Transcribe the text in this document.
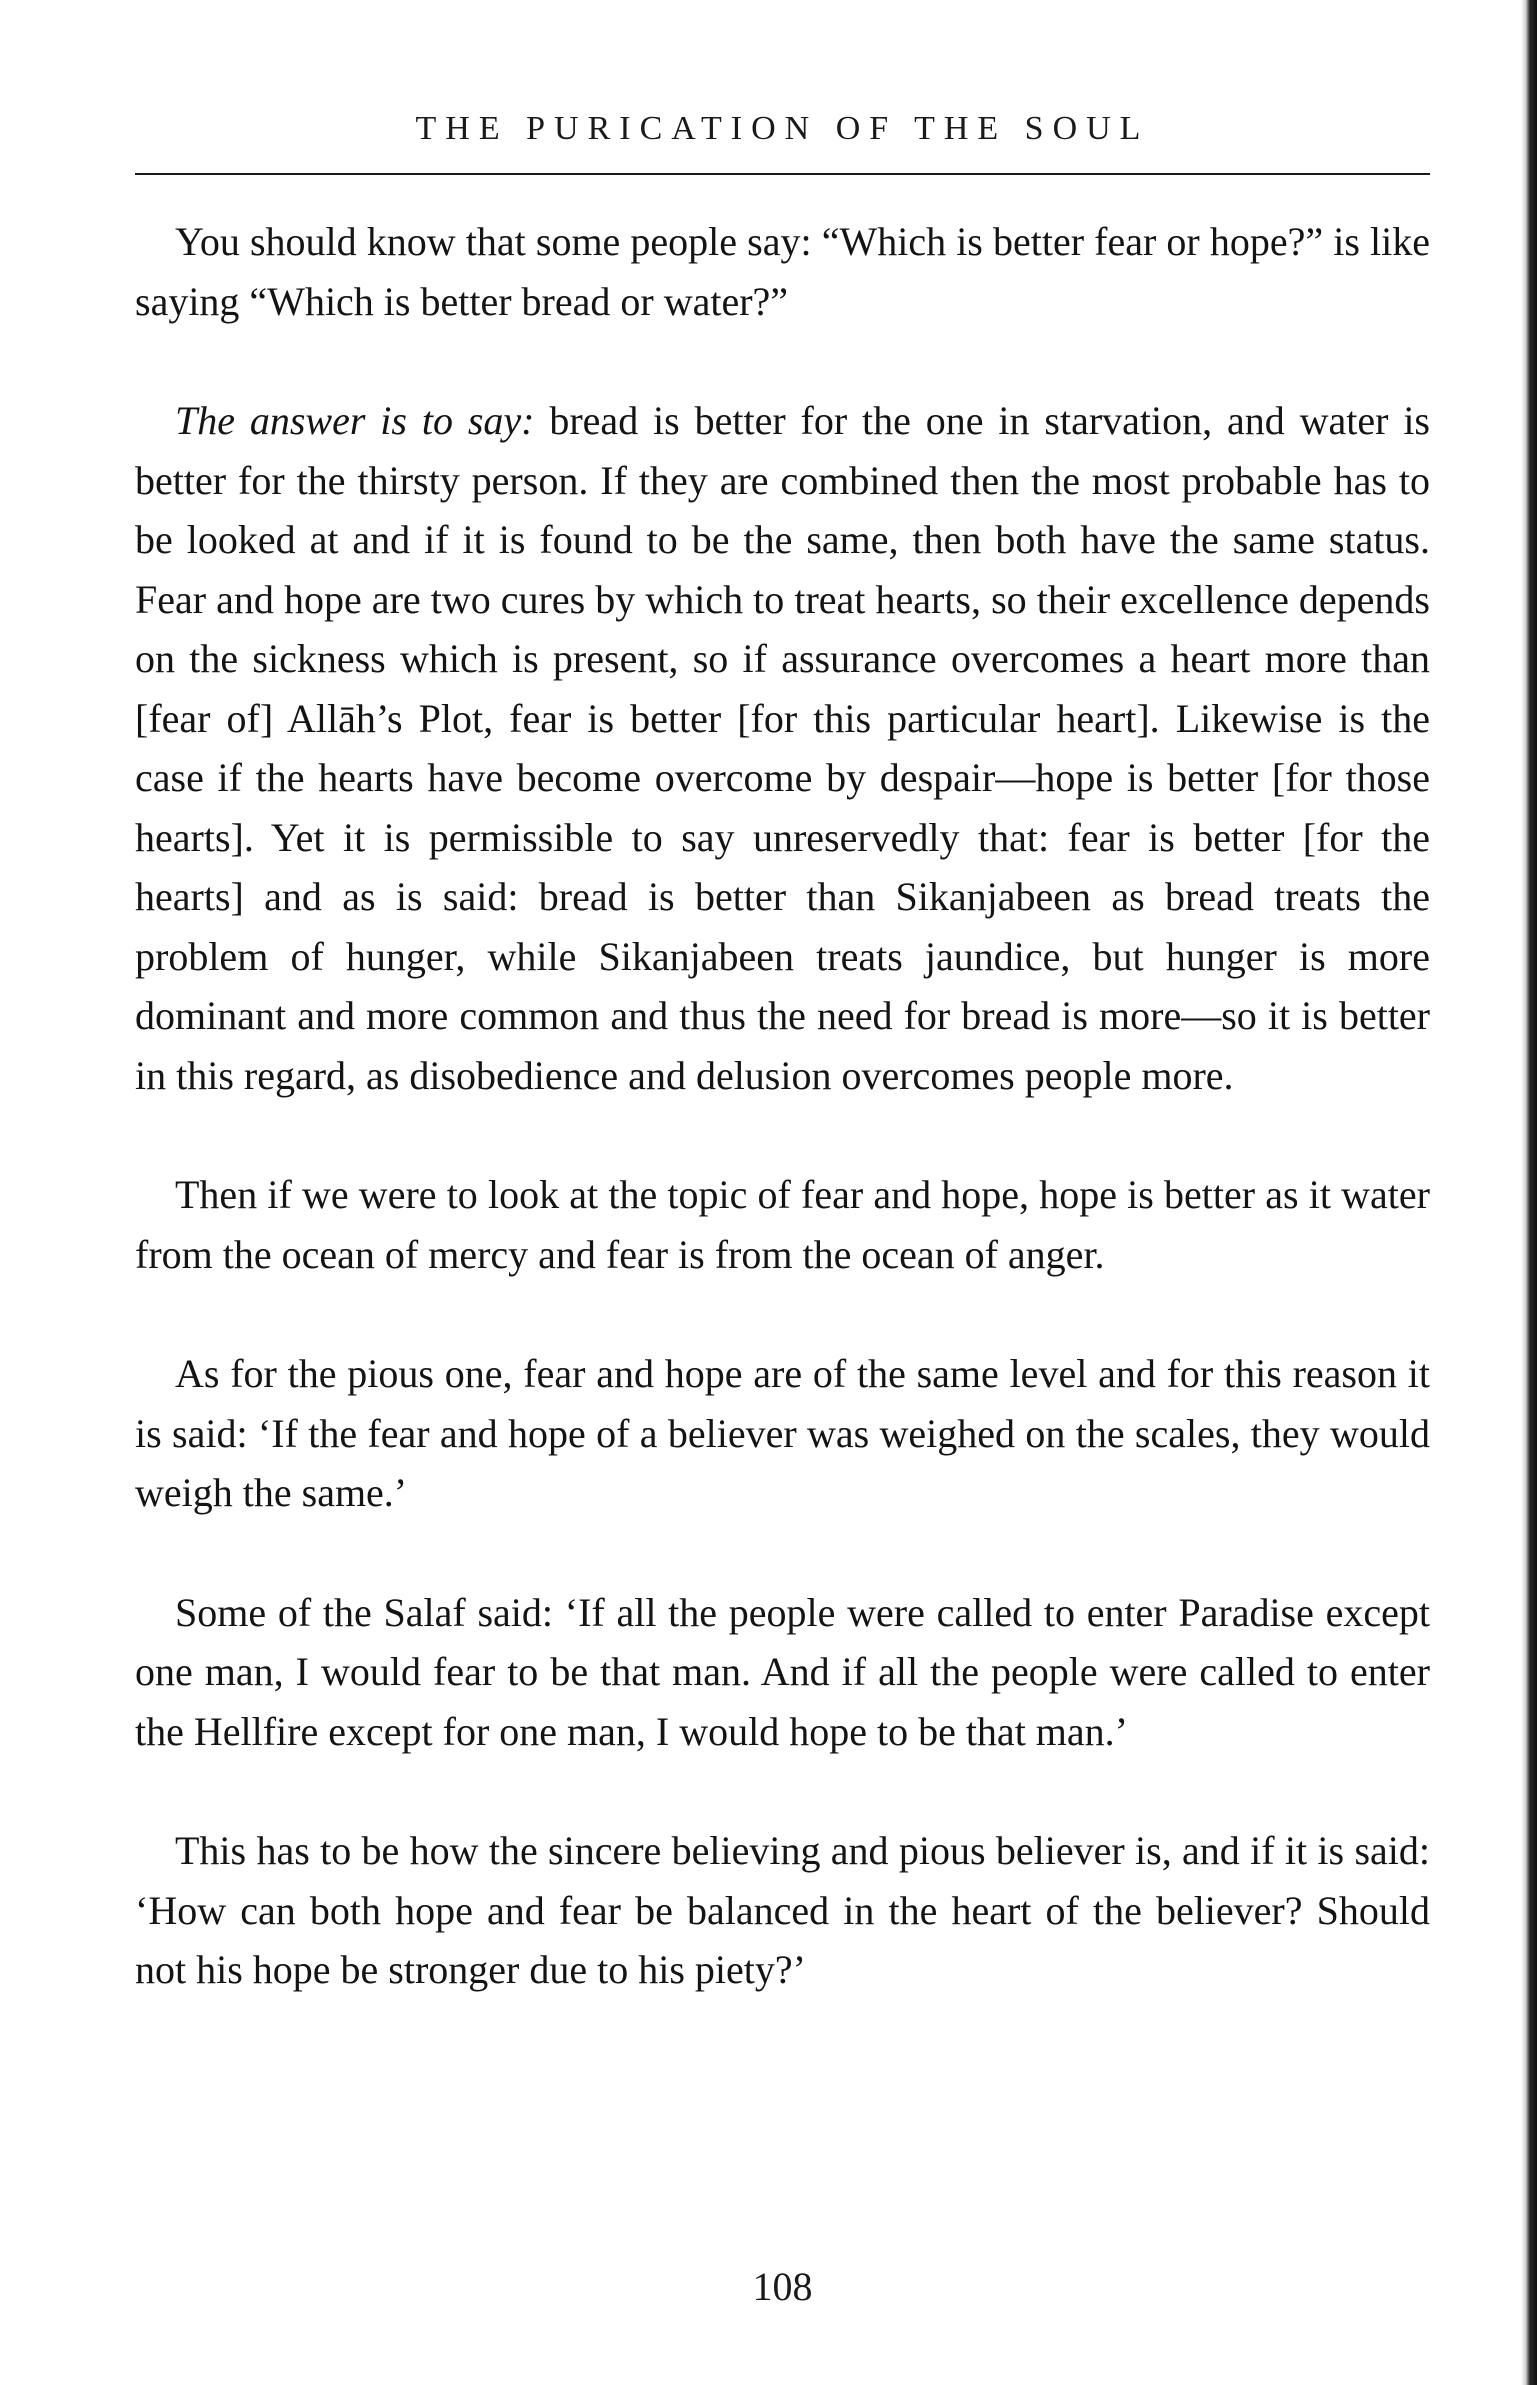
THE PURICATION OF THE SOUL

You should know that some people say: “Which is better fear or hope?” is like saying “Which is better bread or water?”

The answer is to say: bread is better for the one in starvation, and water is better for the thirsty person. If they are combined then the most probable has to be looked at and if it is found to be the same, then both have the same status. Fear and hope are two cures by which to treat hearts, so their excellence depends on the sickness which is present, so if assurance overcomes a heart more than [fear of] Allāh’s Plot, fear is better [for this particular heart]. Likewise is the case if the hearts have become overcome by despair—hope is better [for those hearts]. Yet it is permissible to say unreservedly that: fear is better [for the hearts] and as is said: bread is better than Sikanjabeen as bread treats the problem of hunger, while Sikanjabeen treats jaundice, but hunger is more dominant and more common and thus the need for bread is more—so it is better in this regard, as disobedience and delusion overcomes people more.

Then if we were to look at the topic of fear and hope, hope is better as it water from the ocean of mercy and fear is from the ocean of anger.

As for the pious one, fear and hope are of the same level and for this reason it is said: ‘If the fear and hope of a believer was weighed on the scales, they would weigh the same.’

Some of the Salaf said: ‘If all the people were called to enter Paradise except one man, I would fear to be that man. And if all the people were called to enter the Hellfire except for one man, I would hope to be that man.’

This has to be how the sincere believing and pious believer is, and if it is said: ‘How can both hope and fear be balanced in the heart of the believer? Should not his hope be stronger due to his piety?’

108
